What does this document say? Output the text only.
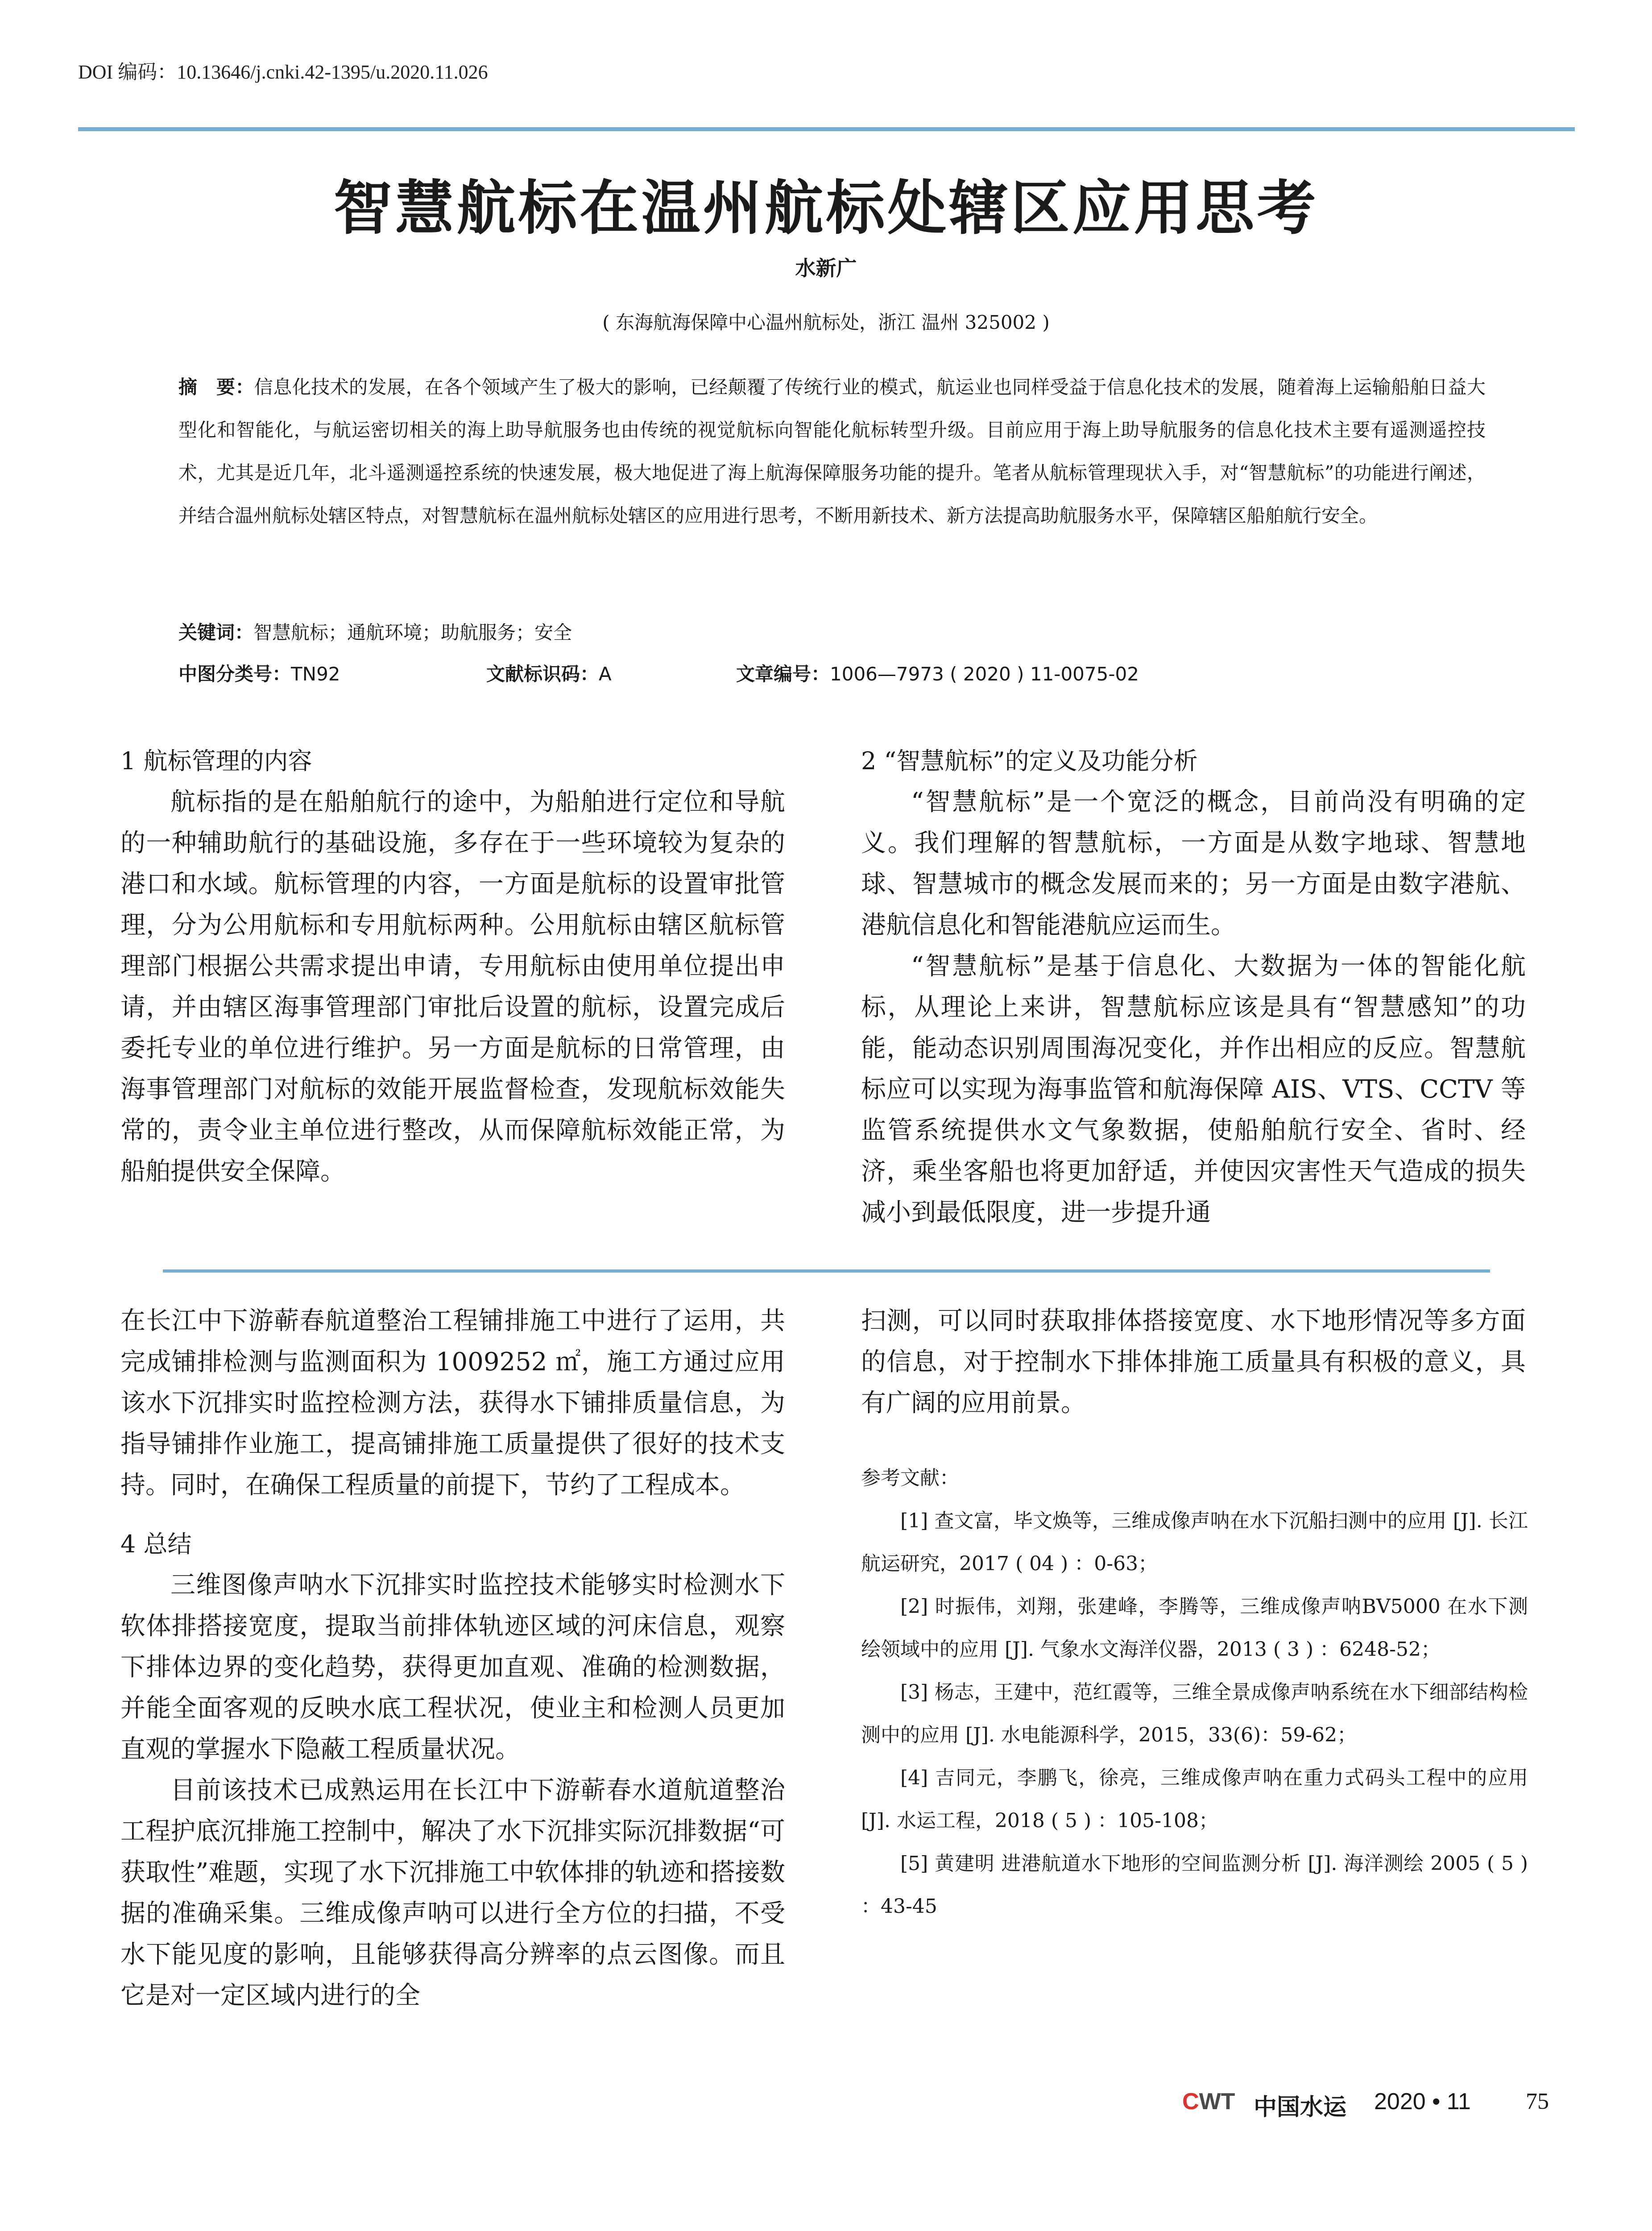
DOI 编码：10.13646/j.cnki.42-1395/u.2020.11.026
智慧航标在温州航标处辖区应用思考
水新广
( 东海航海保障中心温州航标处，浙江 温州 325002 )
摘　要：信息化技术的发展，在各个领域产生了极大的影响，已经颠覆了传统行业的模式，航运业也同样受益于信息化技术的发展，随着海上运输船舶日益大型化和智能化，与航运密切相关的海上助导航服务也由传统的视觉航标向智能化航标转型升级。目前应用于海上助导航服务的信息化技术主要有遥测遥控技术，尤其是近几年，北斗遥测遥控系统的快速发展，极大地促进了海上航海保障服务功能的提升。笔者从航标管理现状入手，对“智慧航标”的功能进行阐述，并结合温州航标处辖区特点，对智慧航标在温州航标处辖区的应用进行思考，不断用新技术、新方法提高助航服务水平，保障辖区船舶航行安全。
关键词：智慧航标；通航环境；助航服务；安全
中图分类号：TN92	文献标识码：A	文章编号：1006—7973 ( 2020 ) 11-0075-02

1 航标管理的内容

航标指的是在船舶航行的途中，为船舶进行定位和导航的一种辅助航行的基础设施，多存在于一些环境较为复杂的港口和水域。航标管理的内容，一方面是航标的设置审批管理，分为公用航标和专用航标两种。公用航标由辖区航标管理部门根据公共需求提出申请，专用航标由使用单位提出申请，并由辖区海事管理部门审批后设置的航标，设置完成后委托专业的单位进行维护。另一方面是航标的日常管理，由海事管理部门对航标的效能开展监督检查，发现航标效能失常的，责令业主单位进行整改，从而保障航标效能正常，为船舶提供安全保障。

2 “智慧航标”的定义及功能分析

“智慧航标”是一个宽泛的概念，目前尚没有明确的定义。我们理解的智慧航标，一方面是从数字地球、智慧地球、智慧城市的概念发展而来的；另一方面是由数字港航、港航信息化和智能港航应运而生。

“智慧航标”是基于信息化、大数据为一体的智能化航标，从理论上来讲，智慧航标应该是具有“智慧感知”的功能，能动态识别周围海况变化，并作出相应的反应。智慧航标应可以实现为海事监管和航海保障 AIS、VTS、CCTV 等监管系统提供水文气象数据，使船舶航行安全、省时、经济，乘坐客船也将更加舒适，并使因灾害性天气造成的损失减小到最低限度，进一步提升通

在长江中下游蕲春航道整治工程铺排施工中进行了运用，共完成铺排检测与监测面积为 1009252 ㎡，施工方通过应用该水下沉排实时监控检测方法，获得水下铺排质量信息，为指导铺排作业施工，提高铺排施工质量提供了很好的技术支持。同时，在确保工程质量的前提下，节约了工程成本。

4 总结

三维图像声呐水下沉排实时监控技术能够实时检测水下软体排搭接宽度，提取当前排体轨迹区域的河床信息，观察下排体边界的变化趋势，获得更加直观、准确的检测数据，并能全面客观的反映水底工程状况，使业主和检测人员更加直观的掌握水下隐蔽工程质量状况。

目前该技术已成熟运用在长江中下游蕲春水道航道整治工程护底沉排施工控制中，解决了水下沉排实际沉排数据“可获取性”难题，实现了水下沉排施工中软体排的轨迹和搭接数据的准确采集。三维成像声呐可以进行全方位的扫描，不受水下能见度的影响，且能够获得高分辨率的点云图像。而且它是对一定区域内进行的全

扫测，可以同时获取排体搭接宽度、水下地形情况等多方面的信息，对于控制水下排体排施工质量具有积极的意义，具有广阔的应用前景。

参考文献：

[1] 查文富，毕文焕等，三维成像声呐在水下沉船扫测中的应用 [J]. 长江航运研究，2017 ( 04 ) ：0-63；

[2] 时振伟，刘翔，张建峰，李腾等，三维成像声呐BV5000 在水下测绘领域中的应用 [J]. 气象水文海洋仪器，2013 ( 3 ) ：6248-52；

[3] 杨志，王建中，范红霞等，三维全景成像声呐系统在水下细部结构检测中的应用 [J]. 水电能源科学，2015，33(6)：59-62；

[4] 吉同元，李鹏飞，徐亮，三维成像声呐在重力式码头工程中的应用 [J]. 水运工程，2018 ( 5 ) ：105-108；

[5] 黄建明 进港航道水下地形的空间监测分析 [J]. 海洋测绘 2005 ( 5 ) ：43-45

CWT 中国水运 2020 • 11 75
